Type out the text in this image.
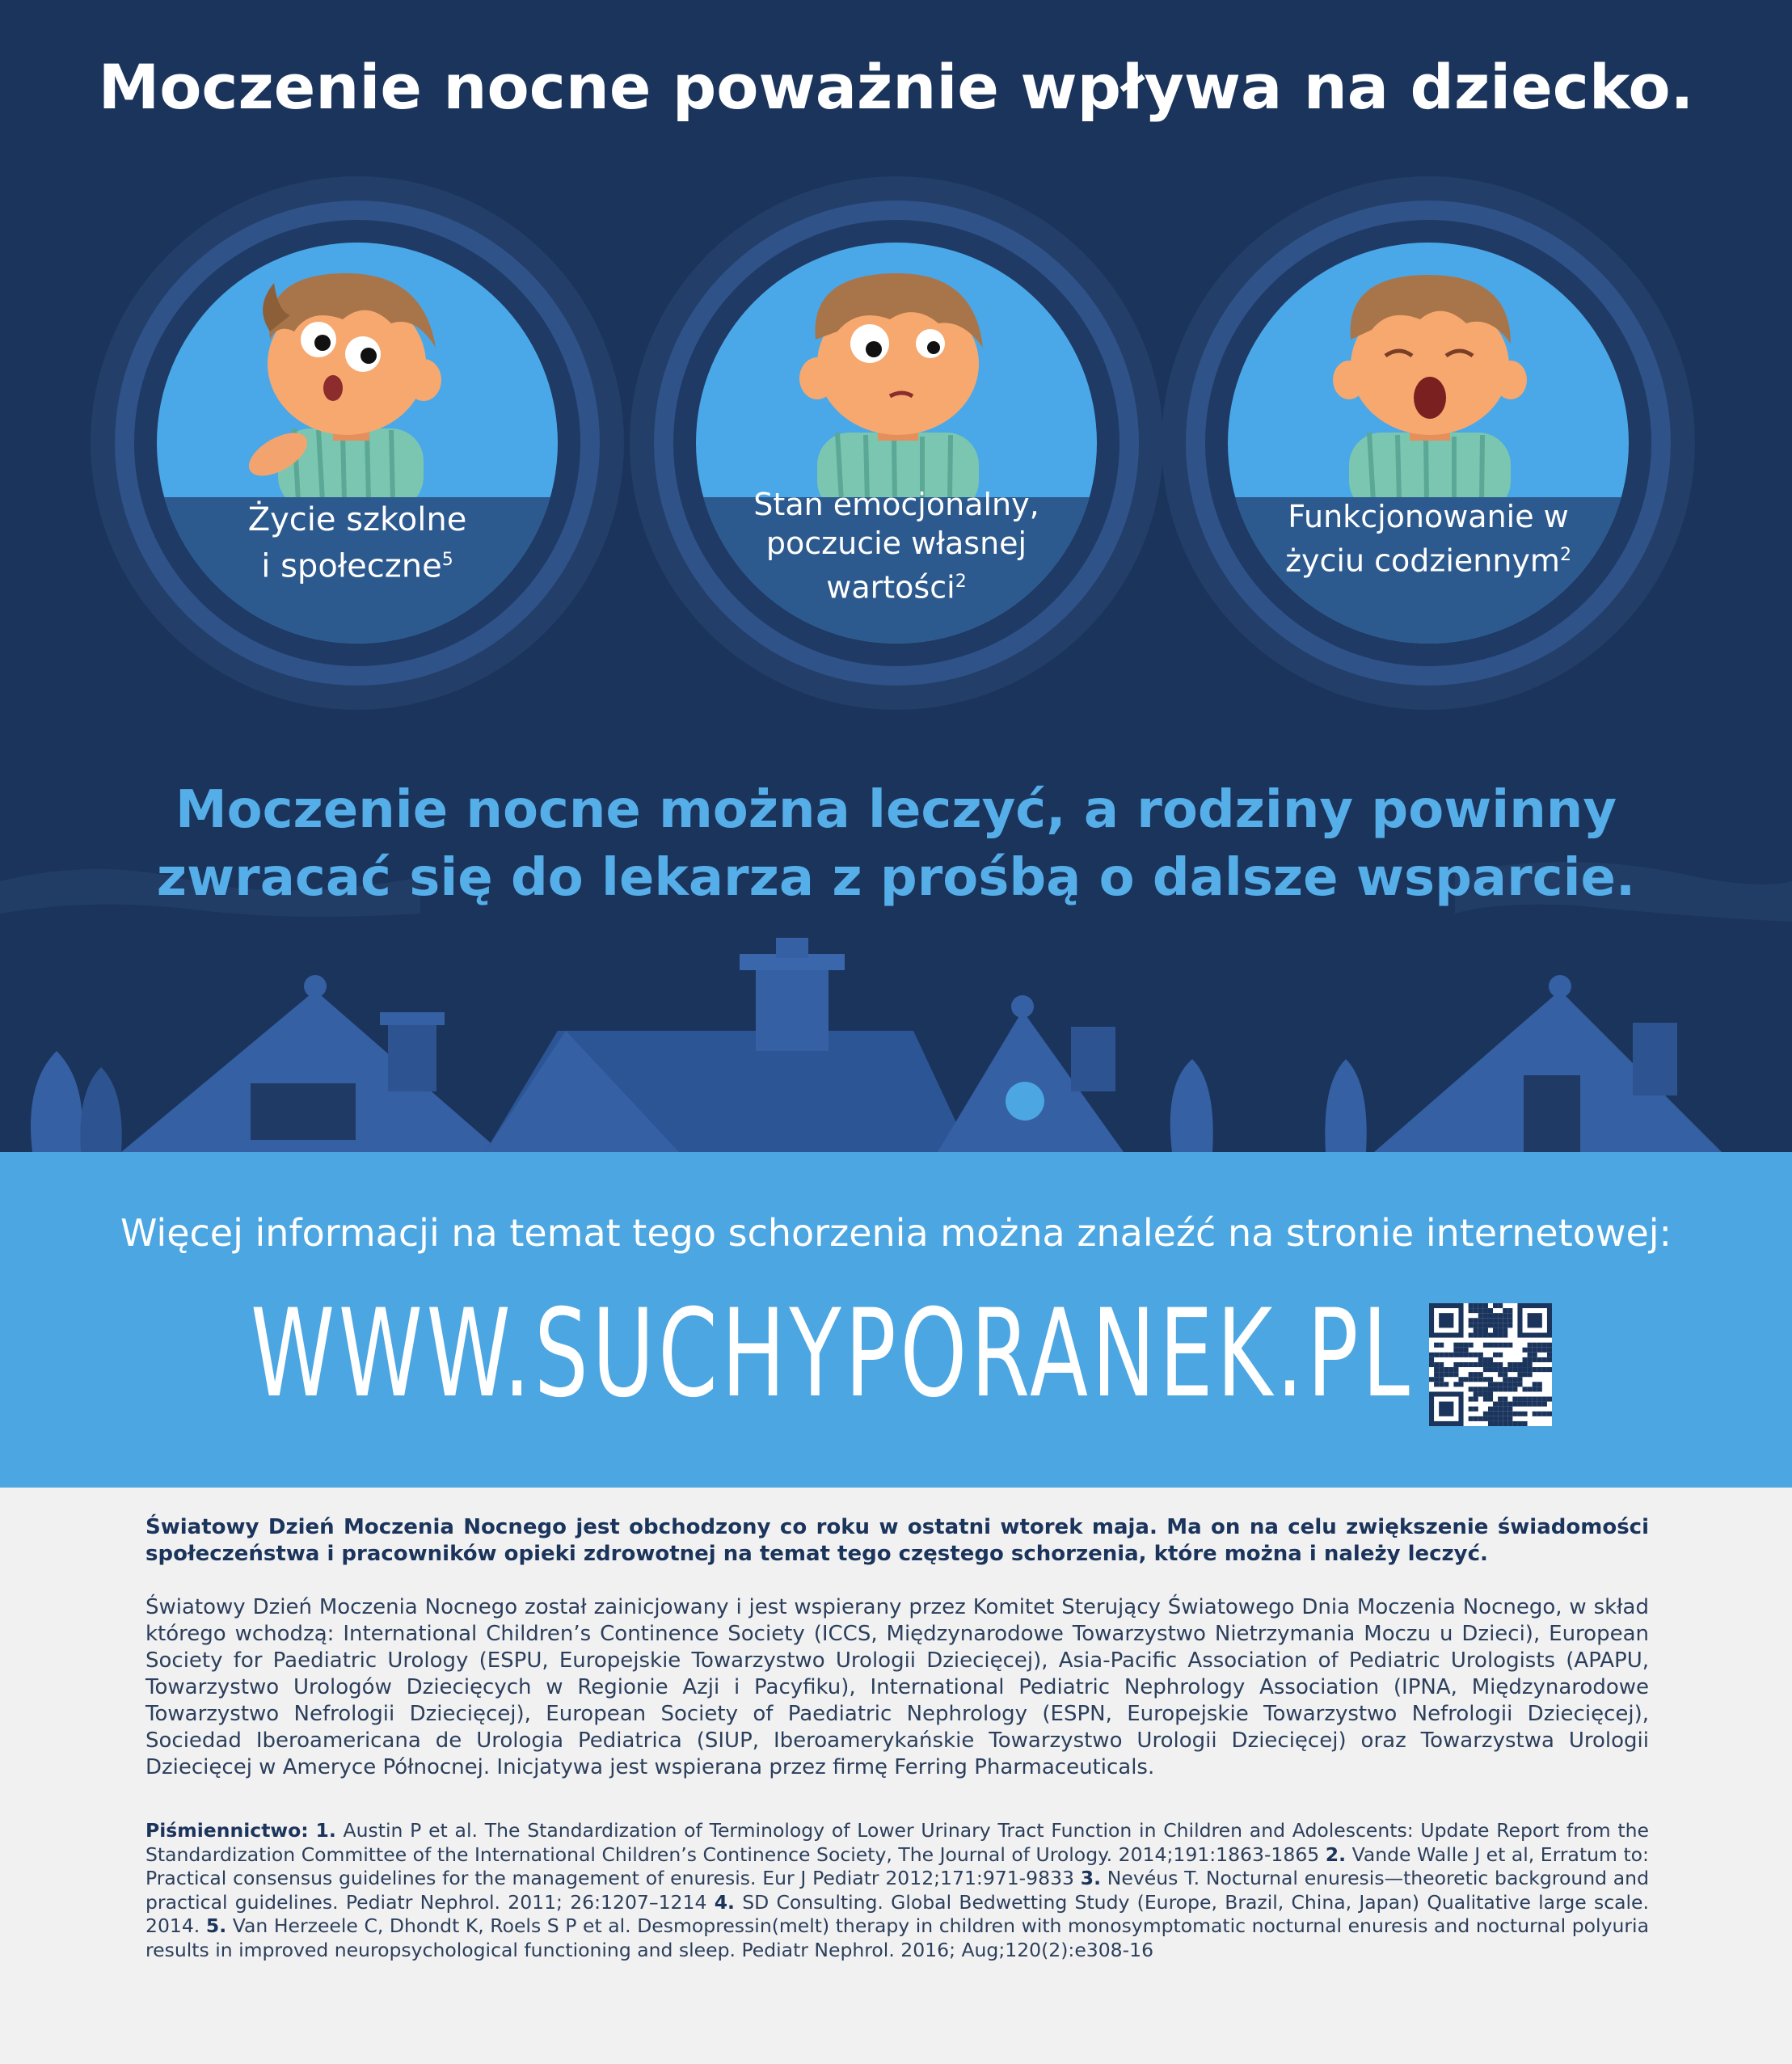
Moczenie nocne poważnie wpływa na dziecko.
Życie szkolne
i społeczne$^5$
Stan emocjonalny,
poczucie własnej
wartości$^2$
Funkcjonowanie w
życiu codziennym$^2$
Moczenie nocne można leczyć, a rodziny powinny
zwracać się do lekarza z prośbą o dalsze wsparcie.
Więcej informacji na temat tego schorzenia można znaleźć na stronie internetowej:
WWW.SUCHYPORANEK.PL

Światowy Dzień Moczenia Nocnego jest obchodzony co roku w ostatni wtorek maja. Ma on na celu zwiększenie świadomości społeczeństwa i pracowników opieki zdrowotnej na temat tego częstego schorzenia, które można i należy leczyć.

Światowy Dzień Moczenia Nocnego został zainicjowany i jest wspierany przez Komitet Sterujący Światowego Dnia Moczenia Nocnego, w skład którego wchodzą: International Children’s Continence Society (ICCS, Międzynarodowe Towarzystwo Nietrzymania Moczu u Dzieci), European Society for Paediatric Urology (ESPU, Europejskie Towarzystwo Urologii Dziecięcej), Asia-Pacific Association of Pediatric Urologists (APAPU, Towarzystwo Urologów Dziecięcych w Regionie Azji i Pacyfiku), International Pediatric Nephrology Association (IPNA, Międzynarodowe Towarzystwo Nefrologii Dziecięcej), European Society of Paediatric Nephrology (ESPN, Europejskie Towarzystwo Nefrologii Dziecięcej), Sociedad Iberoamericana de Urologia Pediatrica (SIUP, Iberoamerykańskie Towarzystwo Urologii Dziecięcej) oraz Towarzystwa Urologii Dziecięcej w Ameryce Północnej. Inicjatywa jest wspierana przez firmę Ferring Pharmaceuticals.

Piśmiennictwo: 1. Austin P et al. The Standardization of Terminology of Lower Urinary Tract Function in Children and Adolescents: Update Report from the Standardization Committee of the International Children’s Continence Society, The Journal of Urology. 2014;191:1863-1865 2. Vande Walle J et al, Erratum to: Practical consensus guidelines for the management of enuresis. Eur J Pediatr 2012;171:971-9833 3. Nevéus T. Nocturnal enuresis—theoretic background and practical guidelines. Pediatr Nephrol. 2011; 26:1207–1214 4. SD Consulting. Global Bedwetting Study (Europe, Brazil, China, Japan) Qualitative large scale. 2014. 5. Van Herzeele C, Dhondt K, Roels S P et al. Desmopressin(melt) therapy in children with monosymptomatic nocturnal enuresis and nocturnal polyuria results in improved neuropsychological functioning and sleep. Pediatr Nephrol. 2016; Aug;120(2):e308-16
